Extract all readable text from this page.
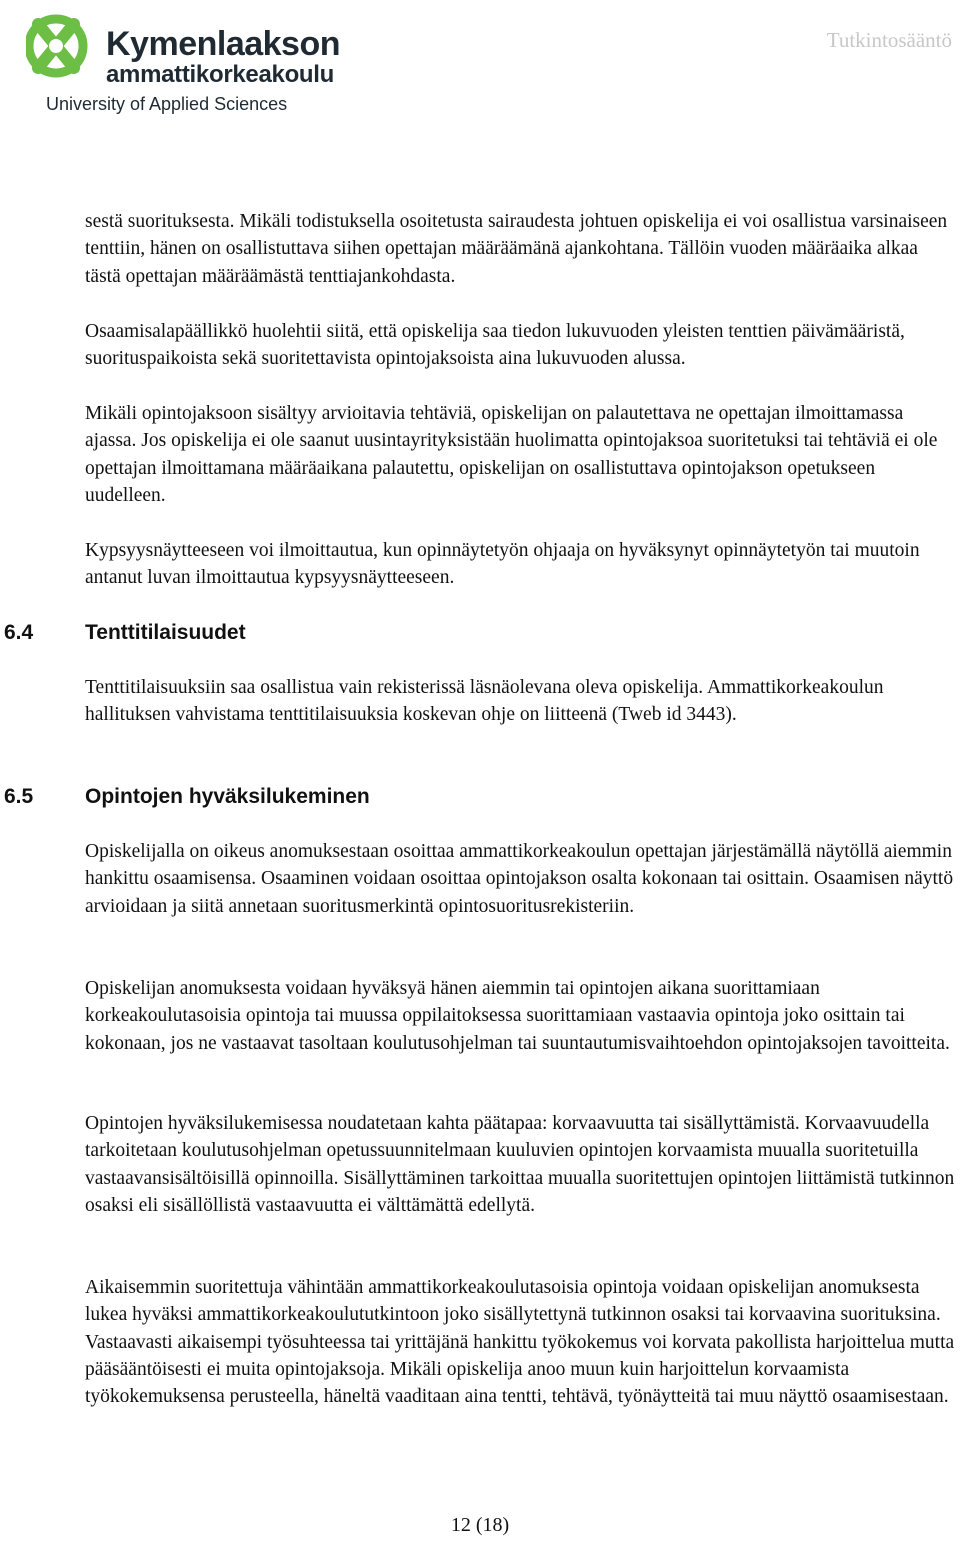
Kymenlaakson
ammattikorkeakoulu
University of Applied Sciences
Tutkintosääntö

sestä suorituksesta. Mikäli todistuksella osoitetusta sairaudesta johtuen opiskelija ei voi osallistua varsinaiseen tenttiin, hänen on osallistuttava siihen opettajan määräämänä ajankohtana. Tällöin vuoden määräaika alkaa tästä opettajan määräämästä tenttiajankohdasta.

Osaamisalapäällikkö huolehtii siitä, että opiskelija saa tiedon lukuvuoden yleisten tenttien päivämääristä, suorituspaikoista sekä suoritettavista opintojaksoista aina lukuvuoden alussa.

Mikäli opintojaksoon sisältyy arvioitavia tehtäviä, opiskelijan on palautettava ne opettajan ilmoittamassa ajassa. Jos opiskelija ei ole saanut uusintayrityksistään huolimatta opintojaksoa suoritetuksi tai tehtäviä ei ole opettajan ilmoittamana määräaikana palautettu, opiskelijan on osallistuttava opintojakson opetukseen uudelleen.

Kypsyysnäytteeseen voi ilmoittautua, kun opinnäytetyön ohjaaja on hyväksynyt opinnäytetyön tai muutoin antanut luvan ilmoittautua kypsyysnäytteeseen.

6.4 Tenttitilaisuudet

Tenttitilaisuuksiin saa osallistua vain rekisterissä läsnäolevana oleva opiskelija. Ammattikorkeakoulun hallituksen vahvistama tenttitilaisuuksia koskevan ohje on liitteenä (Tweb id 3443).

6.5 Opintojen hyväksilukeminen

Opiskelijalla on oikeus anomuksestaan osoittaa ammattikorkeakoulun opettajan järjestämällä näytöllä aiemmin hankittu osaamisensa. Osaaminen voidaan osoittaa opintojakson osalta kokonaan tai osittain. Osaamisen näyttö arvioidaan ja siitä annetaan suoritusmerkintä opintosuoritusrekisteriin.

Opiskelijan anomuksesta voidaan hyväksyä hänen aiemmin tai opintojen aikana suorittamiaan korkeakoulutasoisia opintoja tai muussa oppilaitoksessa suorittamiaan vastaavia opintoja joko osittain tai kokonaan, jos ne vastaavat tasoltaan koulutusohjelman tai suuntautumisvaihtoehdon opintojaksojen tavoitteita.

Opintojen hyväksilukemisessa noudatetaan kahta päätapaa: korvaavuutta tai sisällyttämistä. Korvaavuudella tarkoitetaan koulutusohjelman opetussuunnitelmaan kuuluvien opintojen korvaamista muualla suoritetuilla vastaavansisältöisillä opinnoilla. Sisällyttäminen tarkoittaa muualla suoritettujen opintojen liittämistä tutkinnon osaksi eli sisällöllistä vastaavuutta ei välttämättä edellytä.

Aikaisemmin suoritettuja vähintään ammattikorkeakoulutasoisia opintoja voidaan opiskelijan anomuksesta lukea hyväksi ammattikorkeakoulututkintoon joko sisällytettynä tutkinnon osaksi tai korvaavina suorituksina. Vastaavasti aikaisempi työsuhteessa tai yrittäjänä hankittu työkokemus voi korvata pakollista harjoittelua mutta pääsääntöisesti ei muita opintojaksoja. Mikäli opiskelija anoo muun kuin harjoittelun korvaamista työkokemuksensa perusteella, häneltä vaaditaan aina tentti, tehtävä, työnäytteitä tai muu näyttö osaamisestaan.

12 (18)
